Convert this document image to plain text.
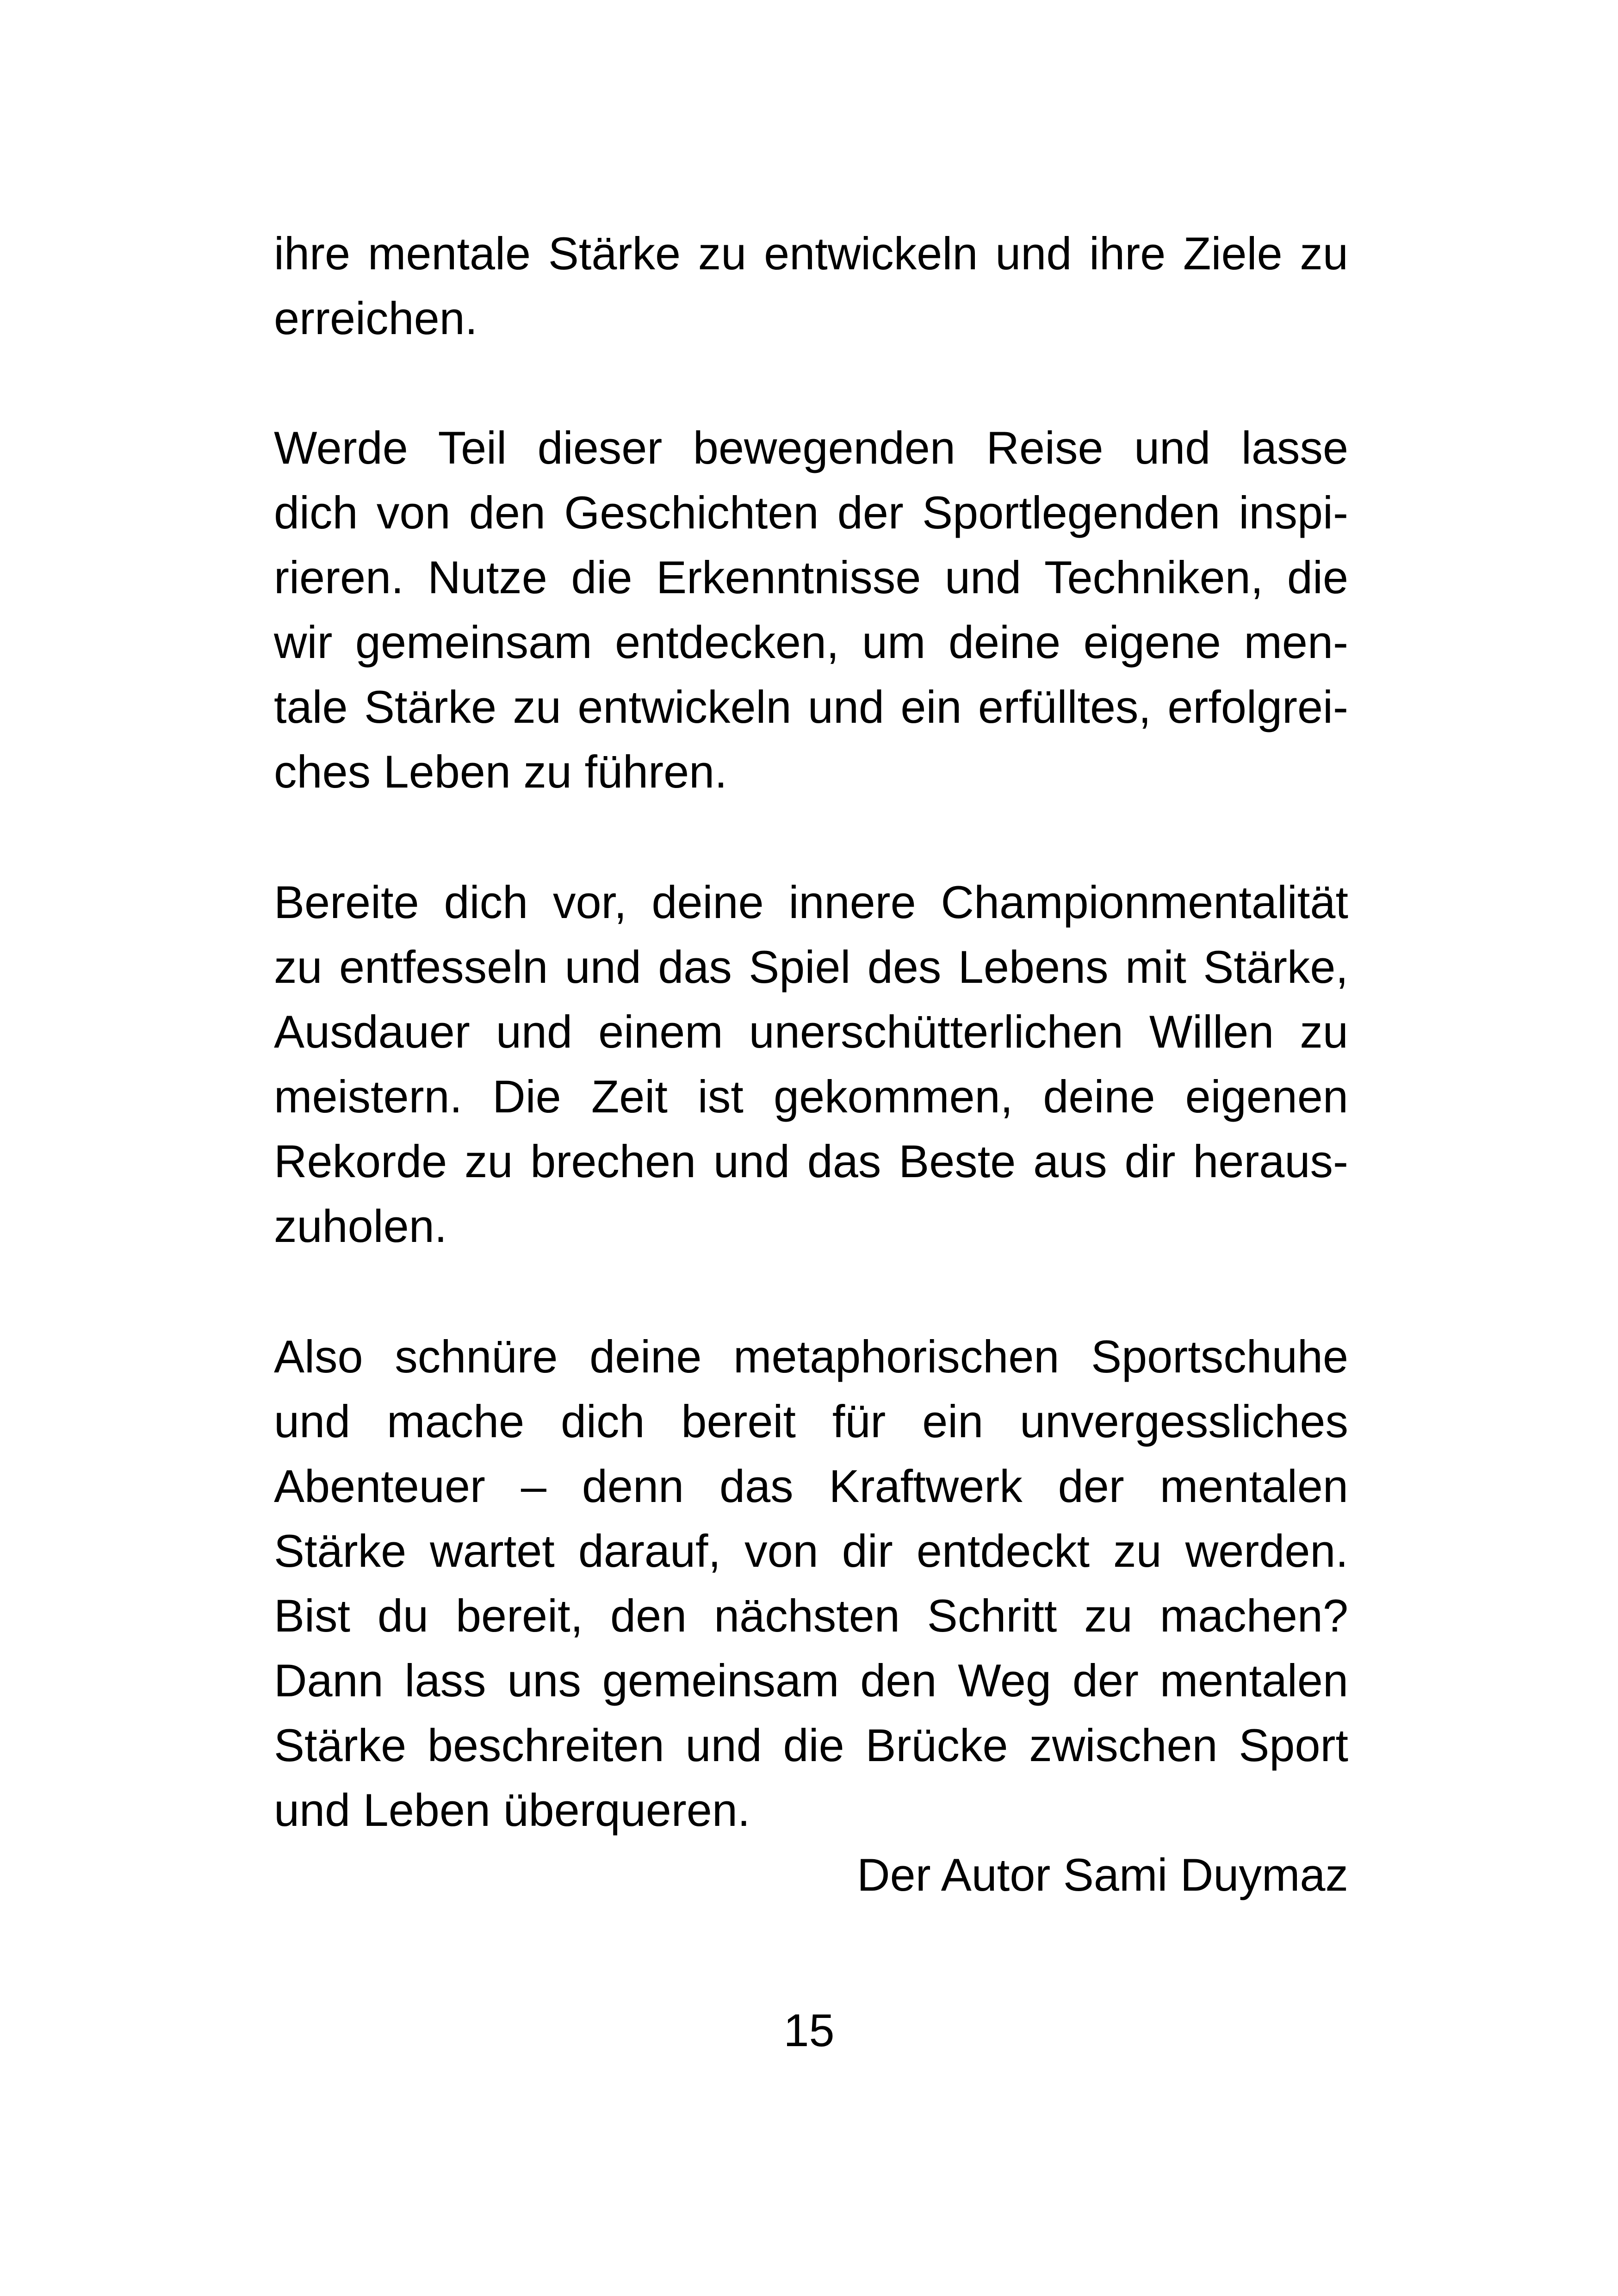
ihre mentale Stärke zu entwickeln und ihre Ziele zu
erreichen.
Werde Teil dieser bewegenden Reise und lasse
dich von den Geschichten der Sportlegenden inspi-
rieren. Nutze die Erkenntnisse und Techniken, die
wir gemeinsam entdecken, um deine eigene men-
tale Stärke zu entwickeln und ein erfülltes, erfolgrei-
ches Leben zu führen.
Bereite dich vor, deine innere Championmentalität
zu entfesseln und das Spiel des Lebens mit Stärke,
Ausdauer und einem unerschütterlichen Willen zu
meistern. Die Zeit ist gekommen, deine eigenen
Rekorde zu brechen und das Beste aus dir heraus-
zuholen.
Also schnüre deine metaphorischen Sportschuhe
und mache dich bereit für ein unvergessliches
Abenteuer – denn das Kraftwerk der mentalen
Stärke wartet darauf, von dir entdeckt zu werden.
Bist du bereit, den nächsten Schritt zu machen?
Dann lass uns gemeinsam den Weg der mentalen
Stärke beschreiten und die Brücke zwischen Sport
und Leben überqueren.
Der Autor Sami Duymaz
15
